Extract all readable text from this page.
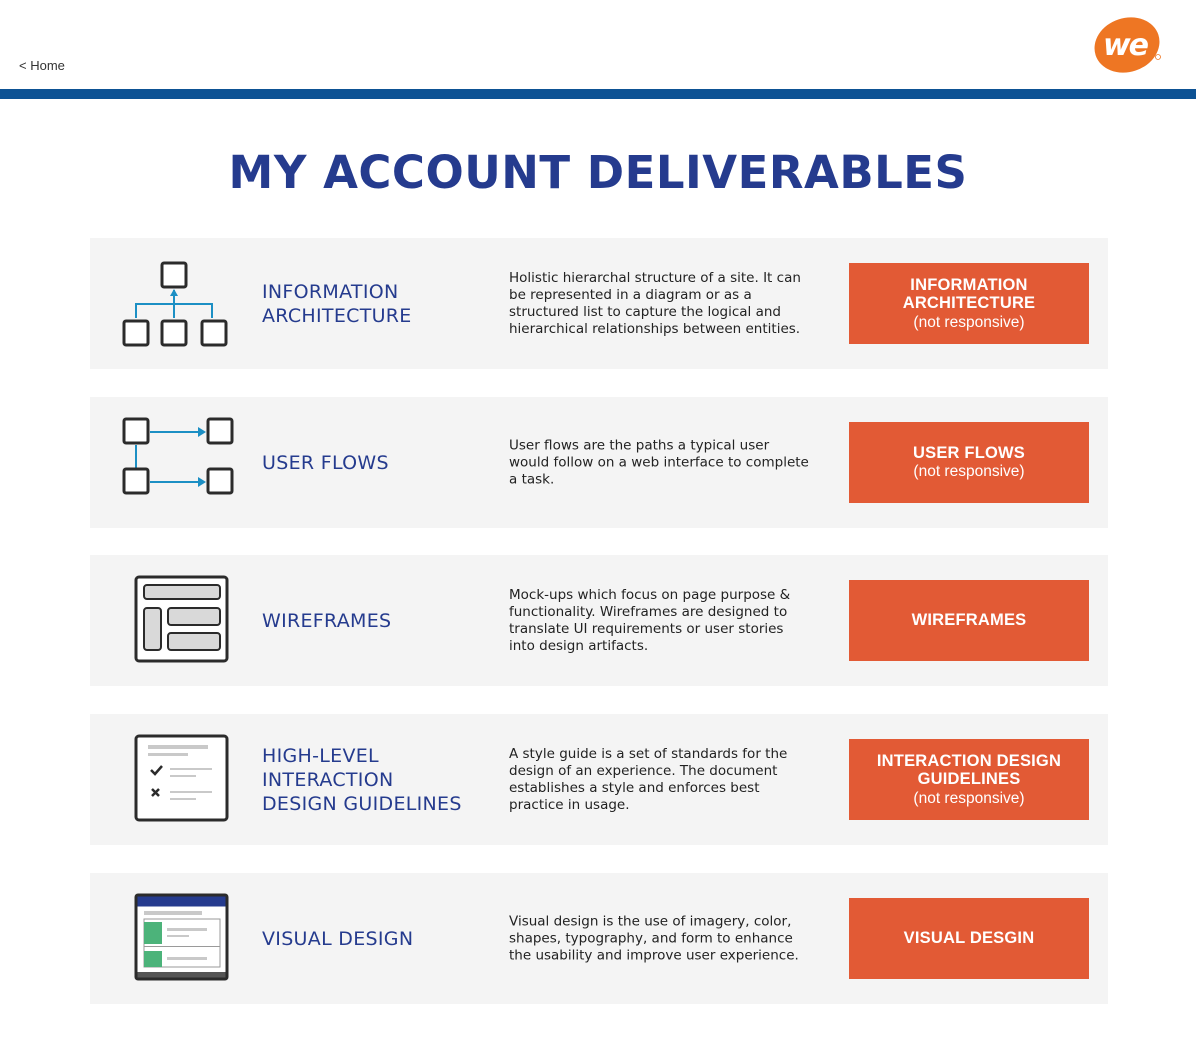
< Home
we
MY ACCOUNT DELIVERABLES
INFORMATION
ARCHITECTURE
Holistic hierarchal structure of a site. It can be represented in a diagram or as a structured list to capture the logical and hierarchical relationships between entities.
INFORMATION
ARCHITECTURE
(not responsive)
USER FLOWS
User flows are the paths a typical user would follow on a web interface to complete a task.
USER FLOWS
(not responsive)
WIREFRAMES
Mock-ups which focus on page purpose & functionality. Wireframes are designed to translate UI requirements or user stories into design artifacts.
WIREFRAMES
HIGH-LEVEL
INTERACTION
DESIGN GUIDELINES
A style guide is a set of standards for the design of an experience. The document establishes a style and enforces best practice in usage.
INTERACTION DESIGN
GUIDELINES
(not responsive)
VISUAL DESIGN
Visual design is the use of imagery, color, shapes, typography, and form to enhance the usability and improve user experience.
VISUAL DESGIN
